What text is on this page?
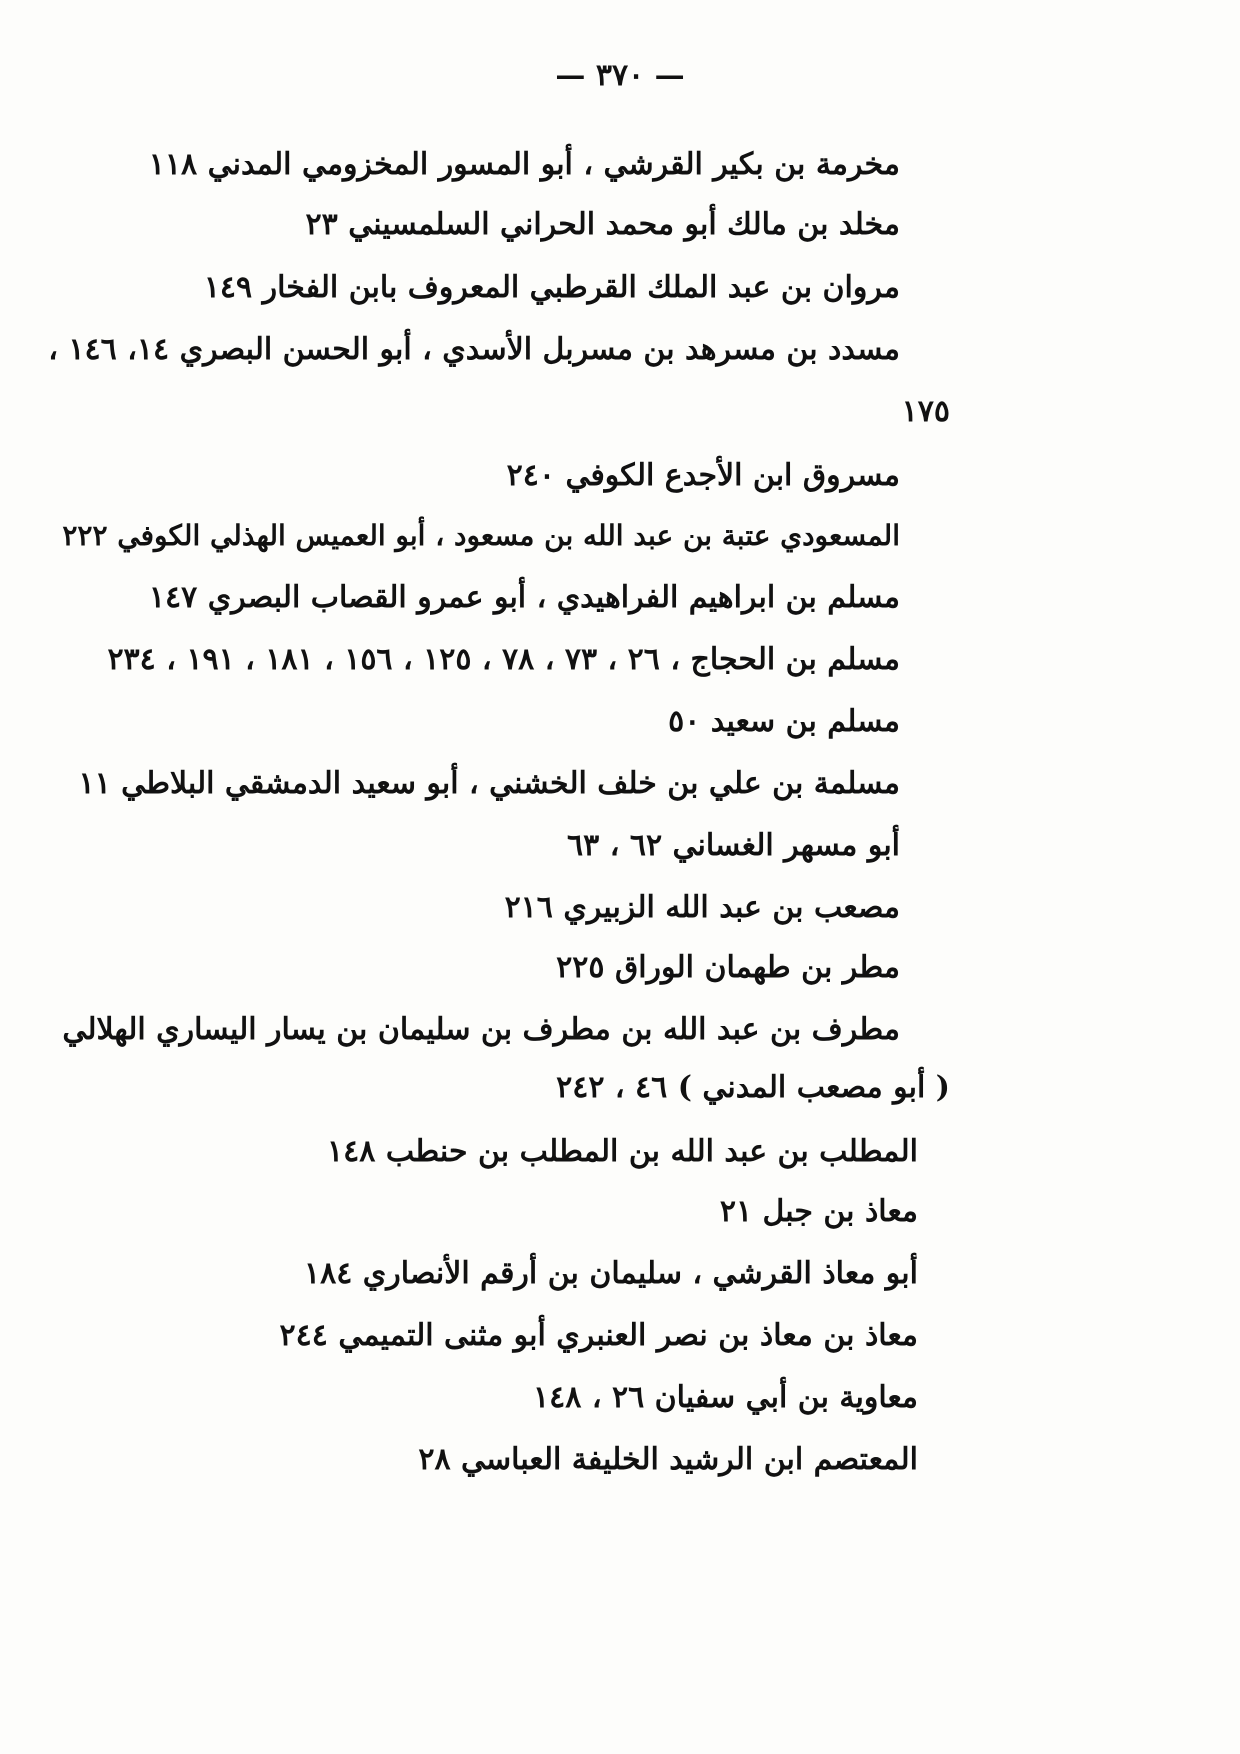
— ٣٧٠ —
مخرمة بن بكير القرشي ، أبو المسور المخزومي المدني ١١٨
مخلد بن مالك أبو محمد الحراني السلمسيني ٢٣
مروان بن عبد الملك القرطبي المعروف بابن الفخار ١٤٩
مسدد بن مسرهد بن مسربل الأسدي ، أبو الحسن البصري ١٤، ١٤٦ ،
١٧٥
مسروق ابن الأجدع الكوفي ٢٤٠
المسعودي عتبة بن عبد الله بن مسعود ، أبو العميس الهذلي الكوفي ٢٢٢
مسلم بن ابراهيم الفراهيدي ، أبو عمرو القصاب البصري ١٤٧
مسلم بن الحجاج ، ٢٦ ، ٧٣ ، ٧٨ ، ١٢٥ ، ١٥٦ ، ١٨١ ، ١٩١ ، ٢٣٤
مسلم بن سعيد ٥٠
مسلمة بن علي بن خلف الخشني ، أبو سعيد الدمشقي البلاطي ١١
أبو مسهر الغساني ٦٢ ، ٦٣
مصعب بن عبد الله الزبيري ٢١٦
مطر بن طهمان الوراق ٢٢٥
مطرف بن عبد الله بن مطرف بن سليمان بن يسار اليساري الهلالي
( أبو مصعب المدني ) ٤٦ ، ٢٤٢
المطلب بن عبد الله بن المطلب بن حنطب ١٤٨
معاذ بن جبل ٢١
أبو معاذ القرشي ، سليمان بن أرقم الأنصاري ١٨٤
معاذ بن معاذ بن نصر العنبري أبو مثنى التميمي ٢٤٤
معاوية بن أبي سفيان ٢٦ ، ١٤٨
المعتصم ابن الرشيد الخليفة العباسي ٢٨
